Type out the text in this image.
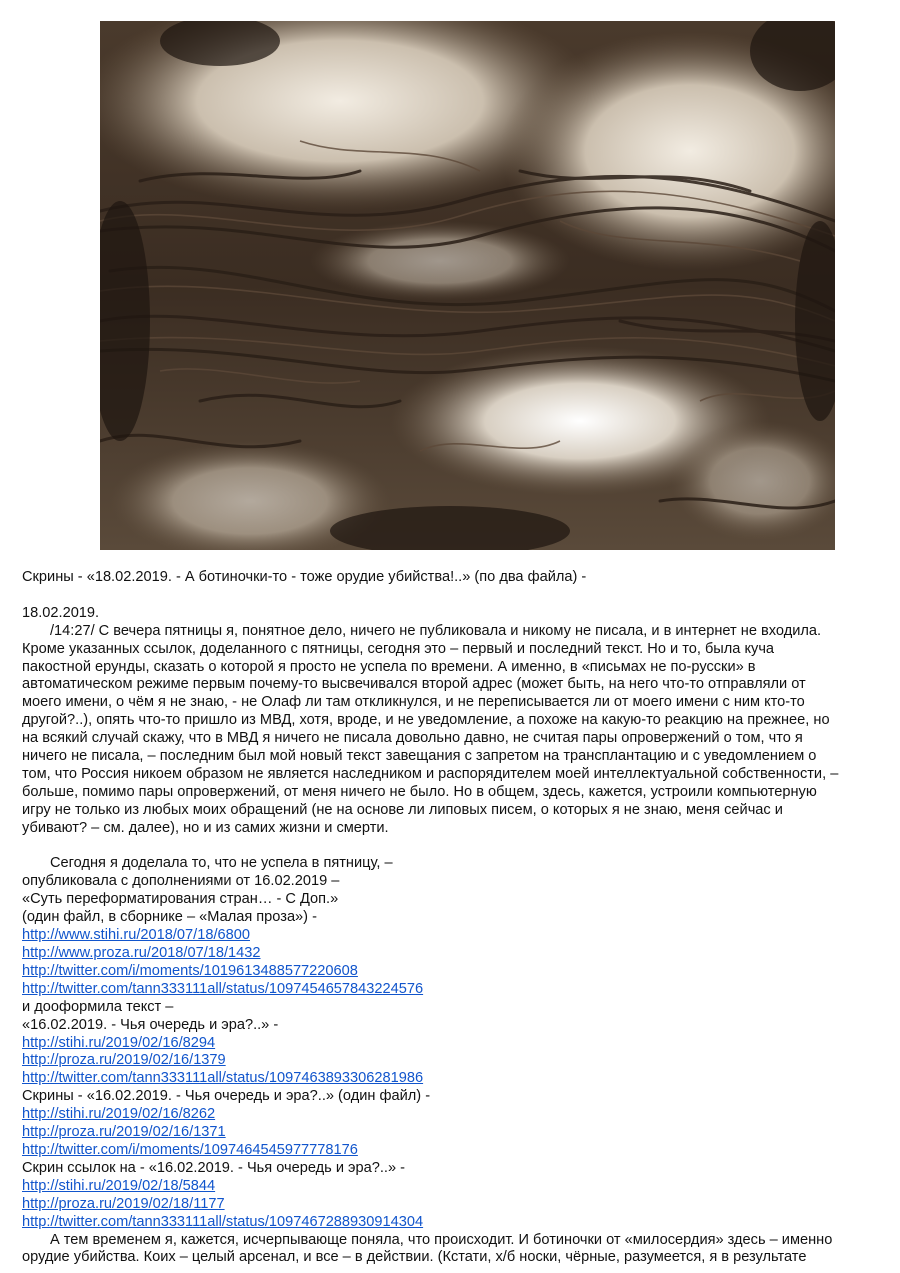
Скрины - «18.02.2019. - А ботиночки-то - тоже орудие убийства!..» (по два файла) -
18.02.2019.
/14:27/ С вечера пятницы я, понятное дело, ничего не публиковала и никому не писала, и в интернет не входила.
Кроме указанных ссылок, доделанного с пятницы, сегодня это – первый и последний текст. Но и то, была куча
пакостной ерунды, сказать о которой я просто не успела по времени. А именно, в «письмах не по-русски» в
автоматическом режиме первым почему-то высвечивался второй адрес (может быть, на него что-то отправляли от
моего имени, о чём я не знаю, - не Олаф ли там откликнулся, и не переписывается ли от моего имени с ним кто-то
другой?..), опять что-то пришло из МВД, хотя, вроде, и не уведомление, а похоже на какую-то реакцию на прежнее, но
на всякий случай скажу, что в МВД я ничего не писала довольно давно, не считая пары опровержений о том, что я
ничего не писала, – последним был мой новый текст завещания с запретом на трансплантацию и с уведомлением о
том, что Россия никоем образом не является наследником и распорядителем моей интеллектуальной собственности, –
больше, помимо пары опровержений, от меня ничего не было. Но в общем, здесь, кажется, устроили компьютерную
игру не только из любых моих обращений (не на основе ли липовых писем, о которых я не знаю, меня сейчас и
убивают? – см. далее), но и из самих жизни и смерти.
Сегодня я доделала то, что не успела в пятницу, –
опубликовала с дополнениями от 16.02.2019 –
«Суть переформатирования стран… - С Доп.»
(один файл, в сборнике – «Малая проза») -
http://www.stihi.ru/2018/07/18/6800
http://www.proza.ru/2018/07/18/1432
http://twitter.com/i/moments/1019613488577220608
http://twitter.com/tann333111all/status/1097454657843224576
и дооформила текст –
«16.02.2019. - Чья очередь и эра?..» -
http://stihi.ru/2019/02/16/8294
http://proza.ru/2019/02/16/1379
http://twitter.com/tann333111all/status/1097463893306281986
Скрины - «16.02.2019. - Чья очередь и эра?..» (один файл) -
http://stihi.ru/2019/02/16/8262
http://proza.ru/2019/02/16/1371
http://twitter.com/i/moments/1097464545977778176
Скрин ссылок на - «16.02.2019. - Чья очередь и эра?..» -
http://stihi.ru/2019/02/18/5844
http://proza.ru/2019/02/18/1177
http://twitter.com/tann333111all/status/1097467288930914304
А тем временем я, кажется, исчерпывающе поняла, что происходит. И ботиночки от «милосердия» здесь – именно
орудие убийства. Коих – целый арсенал, и все – в действии. (Кстати, х/б носки, чёрные, разумеется, я в результате
